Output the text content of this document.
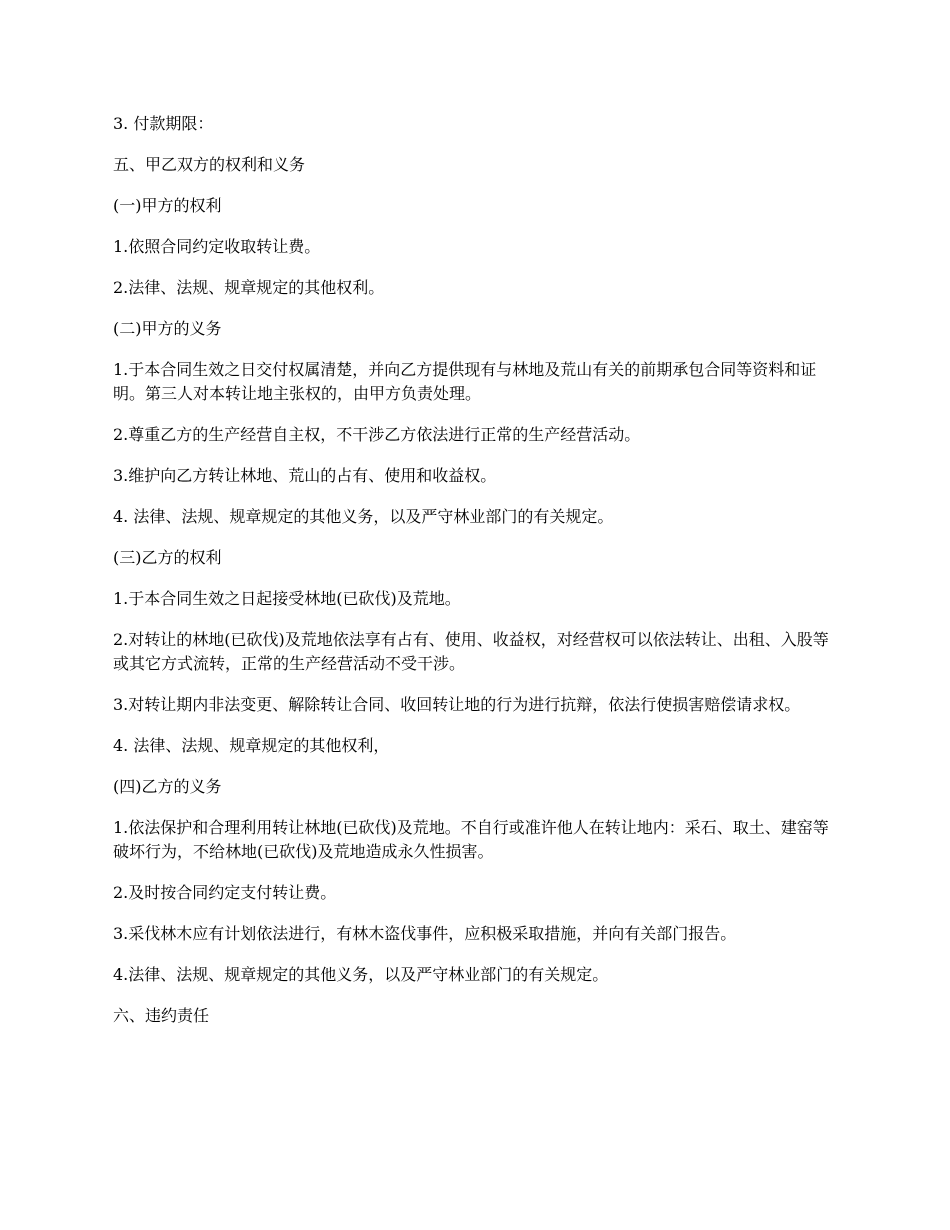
3. 付款期限：

五、甲乙双方的权利和义务

(一)甲方的权利

1.依照合同约定收取转让费。

2.法律、法规、规章规定的其他权利。

(二)甲方的义务

1.于本合同生效之日交付权属清楚，并向乙方提供现有与林地及荒山有关的前期承包合同等资料和证明。第三人对本转让地主张权的，由甲方负责处理。

2.尊重乙方的生产经营自主权，不干涉乙方依法进行正常的生产经营活动。

3.维护向乙方转让林地、荒山的占有、使用和收益权。

4. 法律、法规、规章规定的其他义务，以及严守林业部门的有关规定。

(三)乙方的权利

1.于本合同生效之日起接受林地(已砍伐)及荒地。

2.对转让的林地(已砍伐)及荒地依法享有占有、使用、收益权，对经营权可以依法转让、出租、入股等或其它方式流转，正常的生产经营活动不受干涉。

3.对转让期内非法变更、解除转让合同、收回转让地的行为进行抗辩，依法行使损害赔偿请求权。

4. 法律、法规、规章规定的其他权利，

(四)乙方的义务

1.依法保护和合理利用转让林地(已砍伐)及荒地。不自行或准许他人在转让地内：采石、取土、建窑等破坏行为，不给林地(已砍伐)及荒地造成永久性损害。

2.及时按合同约定支付转让费。

3.采伐林木应有计划依法进行，有林木盗伐事件，应积极采取措施，并向有关部门报告。

4.法律、法规、规章规定的其他义务，以及严守林业部门的有关规定。

六、违约责任
